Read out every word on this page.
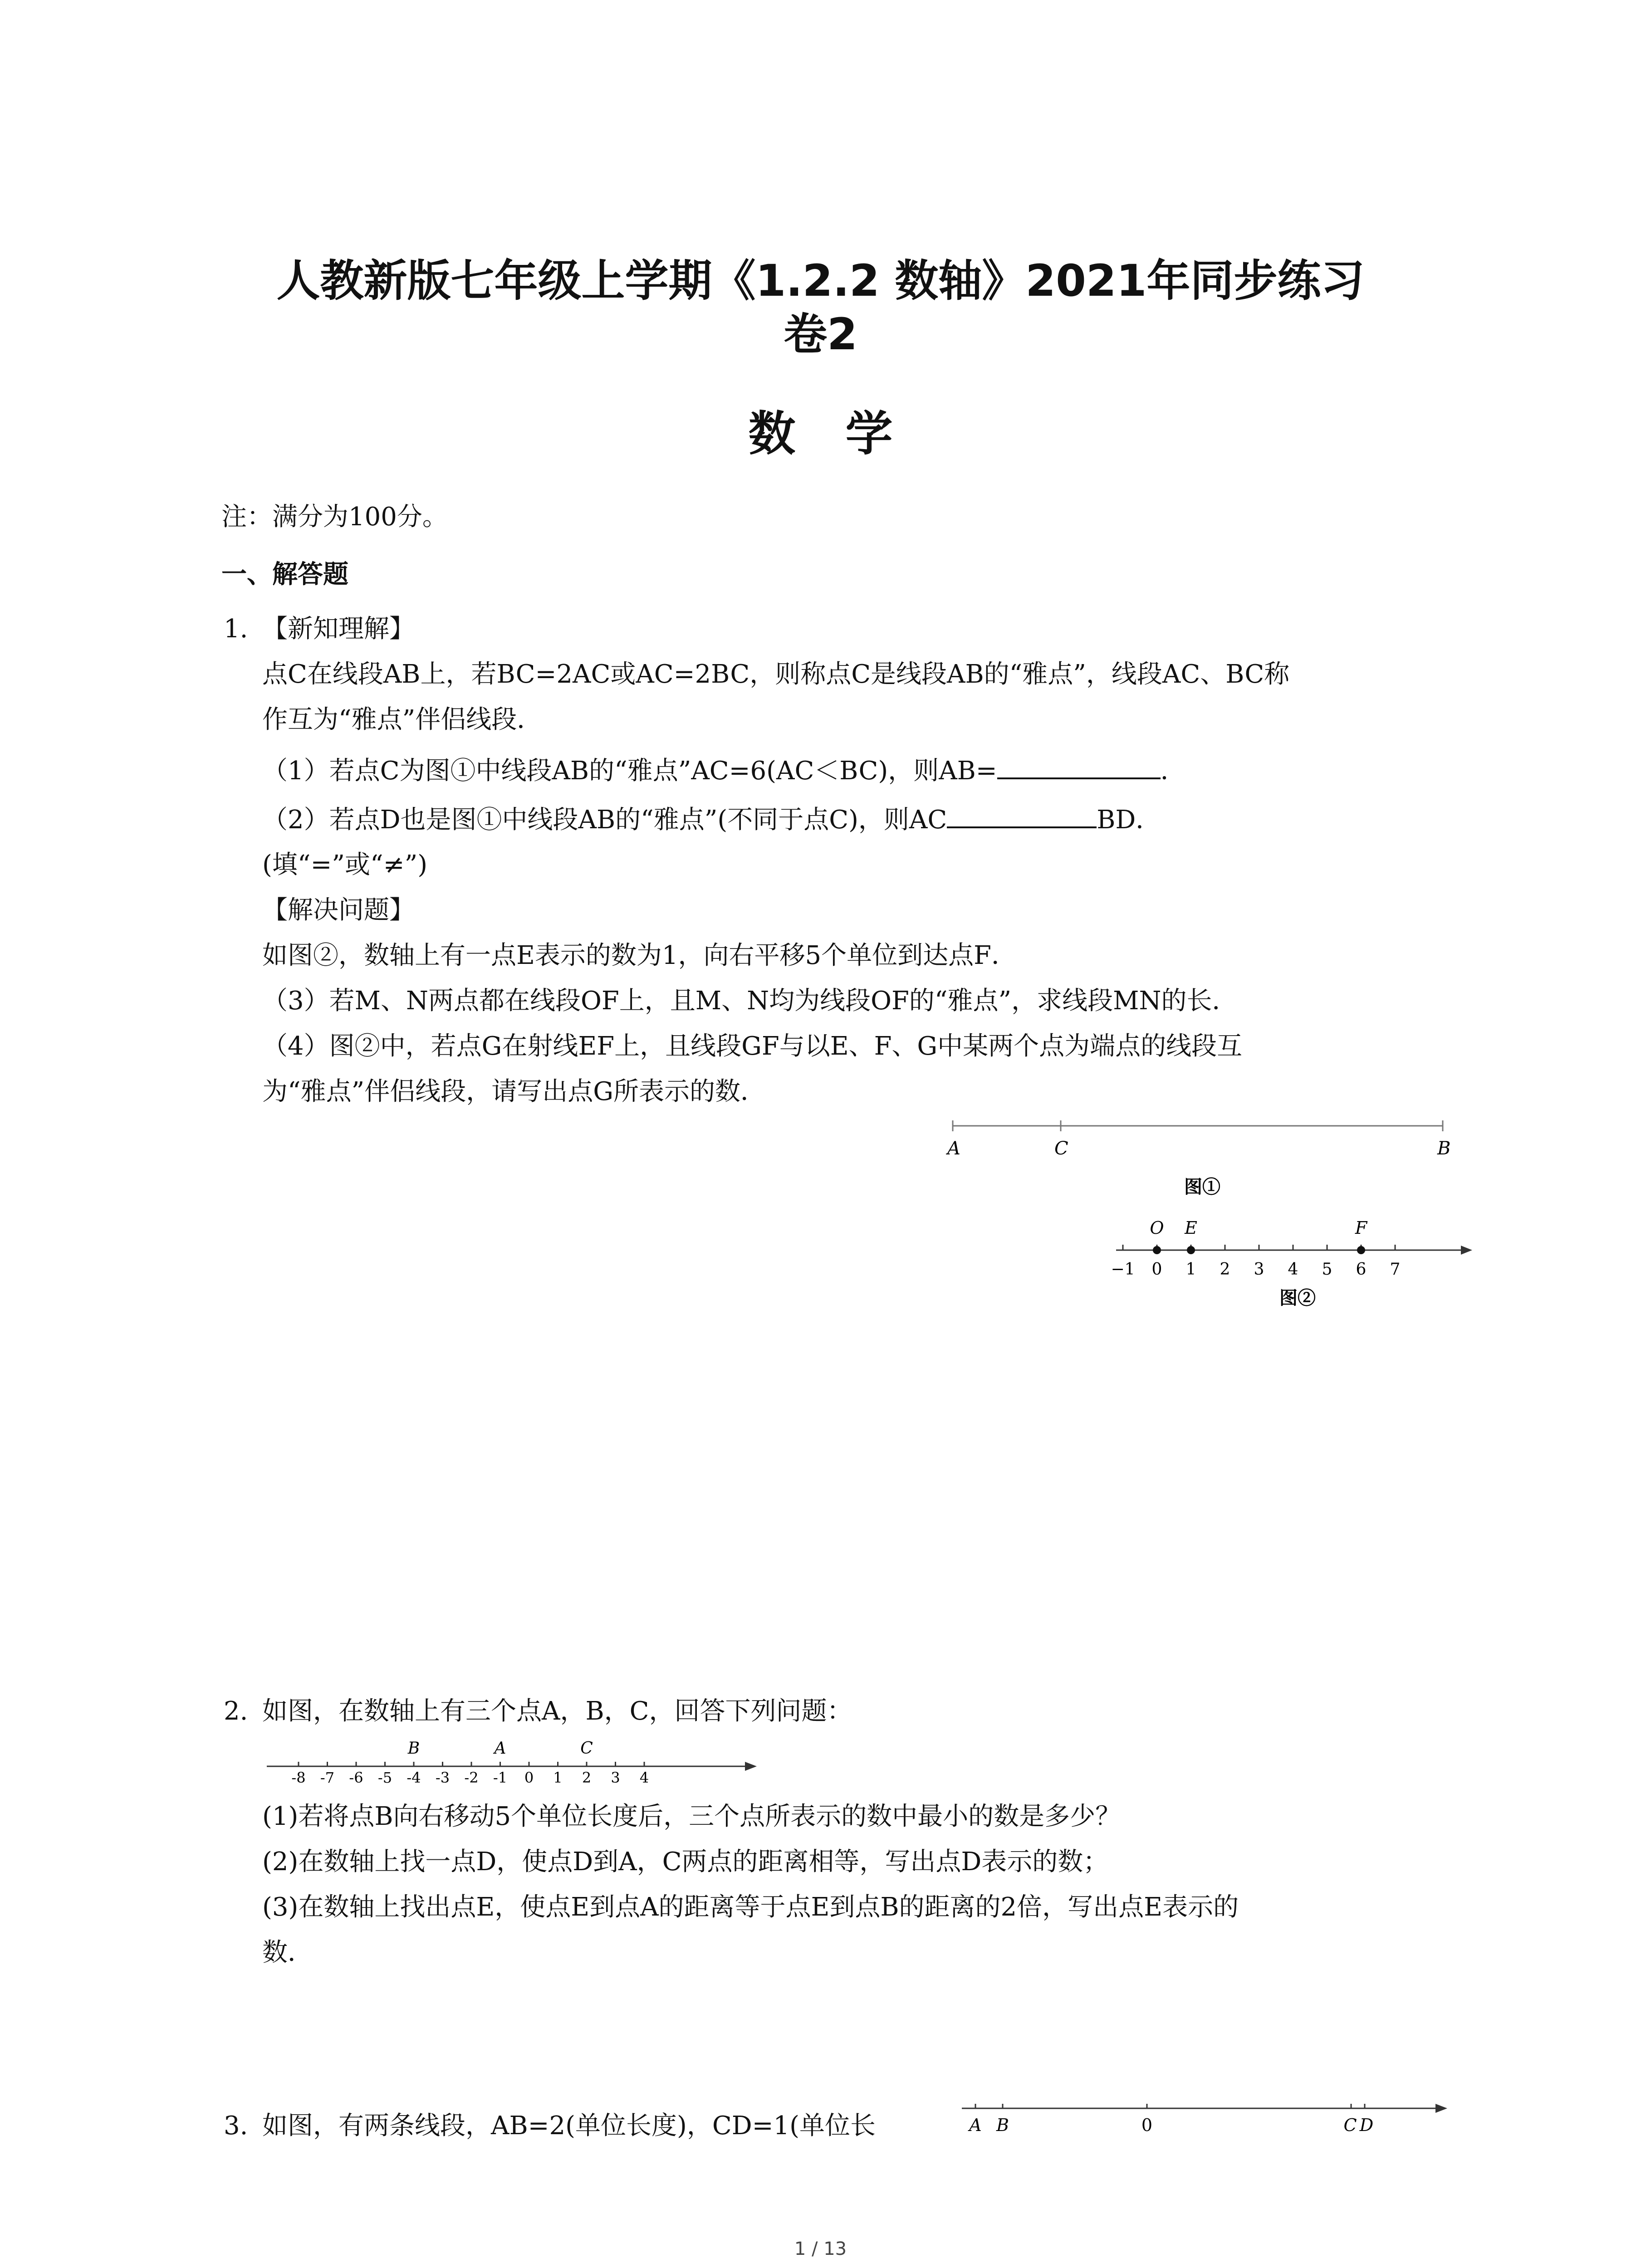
人教新版七年级上学期《1.2.2 数轴》2021年同步练习
卷2
数学
注：满分为100分。
一、解答题
1. 【新知理解】
点C在线段AB上，若BC=2AC或AC=2BC，则称点C是线段AB的“雅点”，线段AC、BC称
作互为“雅点”伴侣线段．
（1）若点C为图①中线段AB的“雅点”AC=6(AC＜BC)，则AB=	．
（2）若点D也是图①中线段AB的“雅点”(不同于点C)，则AC	BD．
(填“=”或“≠”)
【解决问题】
如图②，数轴上有一点E表示的数为1，向右平移5个单位到达点F．
（3）若M、N两点都在线段OF上，且M、N均为线段OF的“雅点”，求线段MN的长．
（4）图②中，若点G在射线EF上，且线段GF与以E、F、G中某两个点为端点的线段互
为“雅点”伴侣线段，请写出点G所表示的数．
A	C	B
图①
−1 0 1 2 3 4 5 6 7
O E	F
图②
2. 如图，在数轴上有三个点A，B，C，回答下列问题：
-8 -7 -6 -5 -4 -3 -2 -1 0 1 2 3 4
B	A	C
(1)若将点B向右移动5个单位长度后，三个点所表示的数中最小的数是多少？
(2)在数轴上找一点D，使点D到A，C两点的距离相等，写出点D表示的数；
(3)在数轴上找出点E，使点E到点A的距离等于点E到点B的距离的2倍，写出点E表示的
数．
3. 如图，有两条线段，AB=2(单位长度)，CD=1(单位长	A B	0	C D
1 / 13
